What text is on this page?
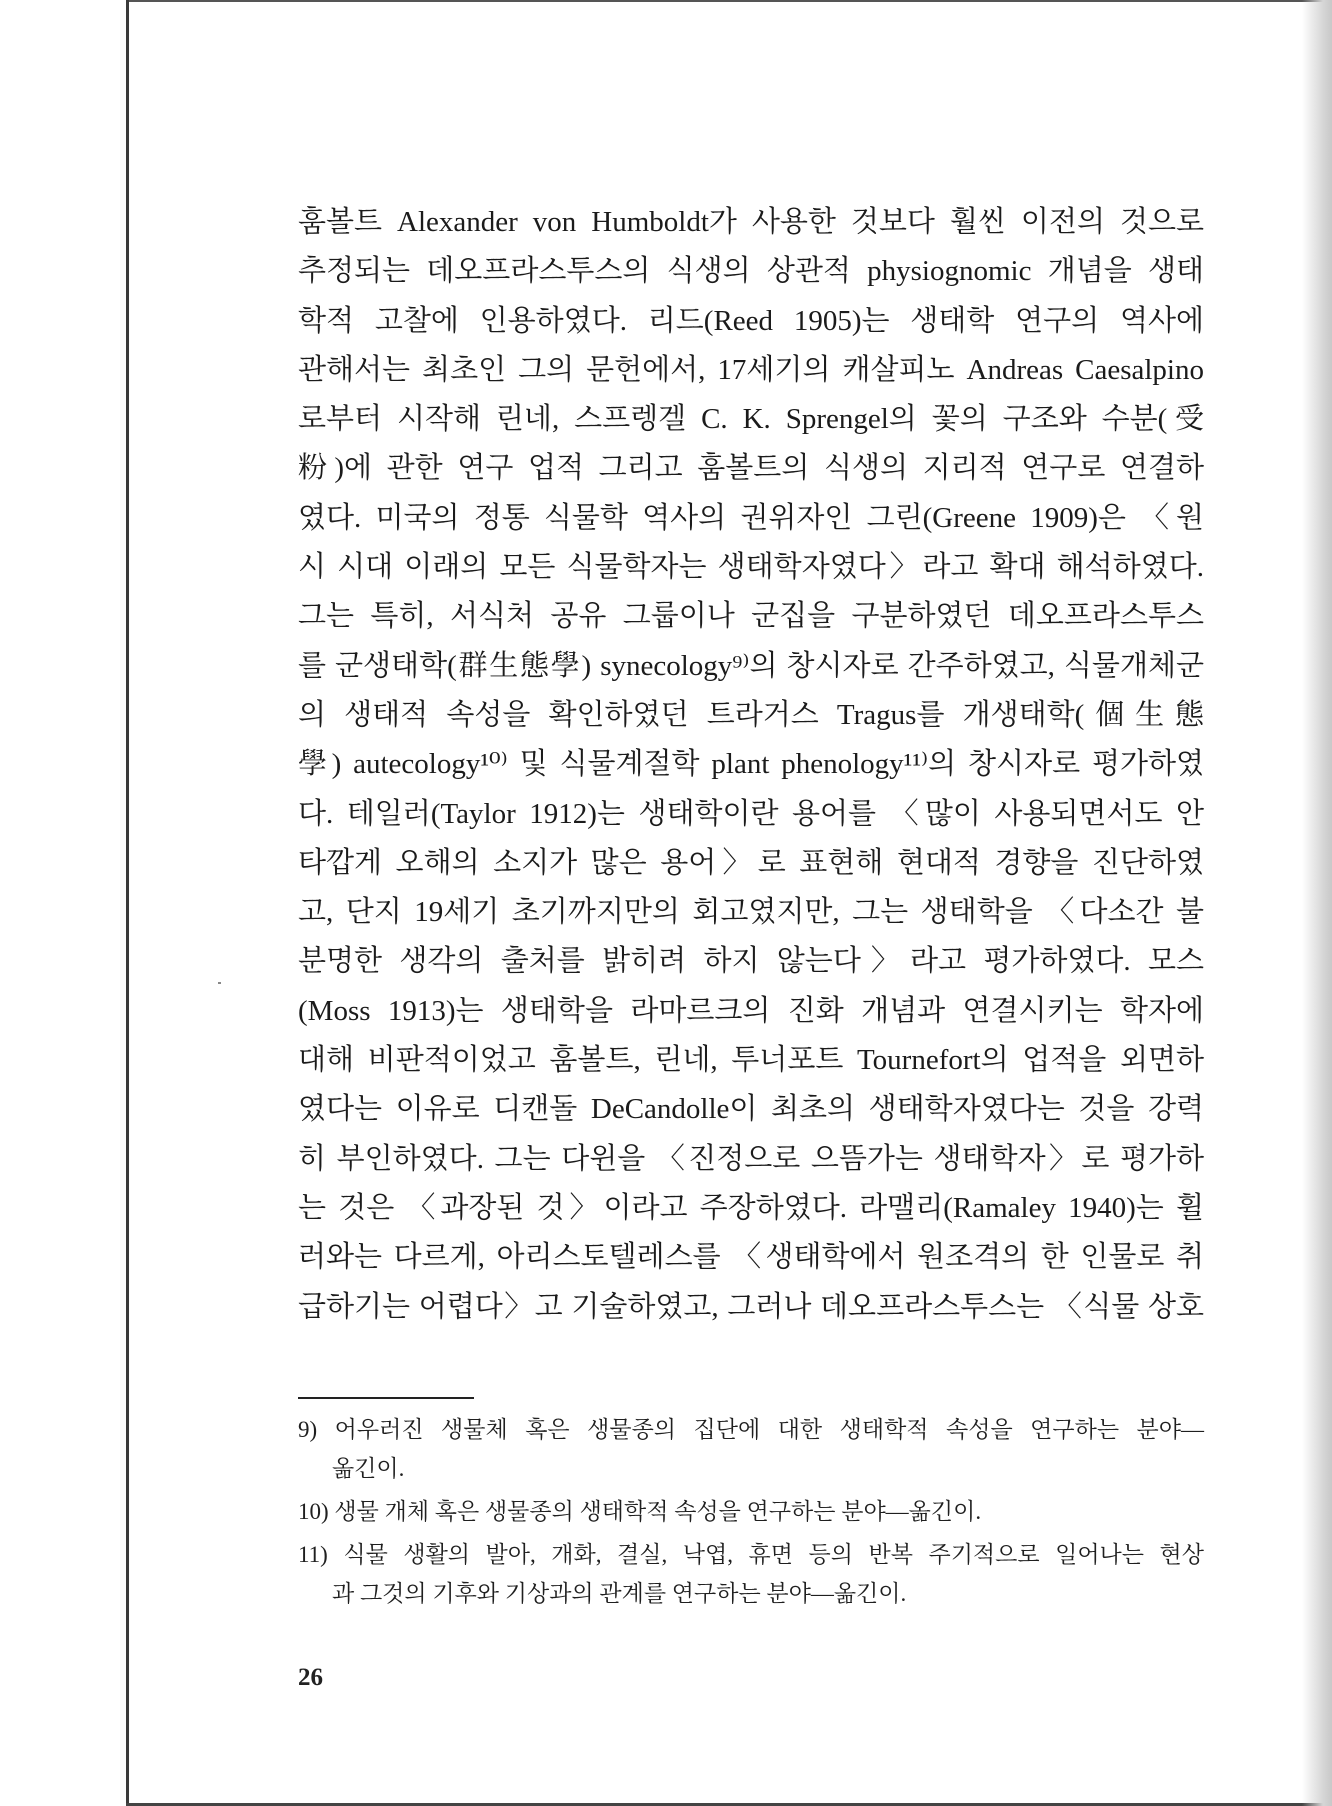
훔볼트 Alexander von Humboldt가 사용한 것보다 훨씬 이전의 것으로
추정되는 데오프라스투스의 식생의 상관적 physiognomic 개념을 생태
학적 고찰에 인용하였다. 리드(Reed 1905)는 생태학 연구의 역사에
관해서는 최초인 그의 문헌에서, 17세기의 캐살피노 Andreas Caesalpino
로부터 시작해 린네, 스프렝겔 C. K. Sprengel의 꽃의 구조와 수분(受
粉)에 관한 연구 업적 그리고 훔볼트의 식생의 지리적 연구로 연결하
였다. 미국의 정통 식물학 역사의 권위자인 그린(Greene 1909)은 〈원
시 시대 이래의 모든 식물학자는 생태학자였다〉라고 확대 해석하였다.
그는 특히, 서식처 공유 그룹이나 군집을 구분하였던 데오프라스투스
를 군생태학(群生態學) synecology⁹⁾의 창시자로 간주하였고, 식물개체군
의 생태적 속성을 확인하였던 트라거스 Tragus를 개생태학(個生態
學) autecology¹⁰⁾ 및 식물계절학 plant phenology¹¹⁾의 창시자로 평가하였
다. 테일러(Taylor 1912)는 생태학이란 용어를 〈많이 사용되면서도 안
타깝게 오해의 소지가 많은 용어〉로 표현해 현대적 경향을 진단하였
고, 단지 19세기 초기까지만의 회고였지만, 그는 생태학을 〈다소간 불
분명한 생각의 출처를 밝히려 하지 않는다〉라고 평가하였다. 모스
(Moss 1913)는 생태학을 라마르크의 진화 개념과 연결시키는 학자에
대해 비판적이었고 훔볼트, 린네, 투너포트 Tournefort의 업적을 외면하
였다는 이유로 디캔돌 DeCandolle이 최초의 생태학자였다는 것을 강력
히 부인하였다. 그는 다윈을 〈진정으로 으뜸가는 생태학자〉로 평가하
는 것은 〈과장된 것〉이라고 주장하였다. 라맬리(Ramaley 1940)는 휠
러와는 다르게, 아리스토텔레스를 〈생태학에서 원조격의 한 인물로 취
급하기는 어렵다〉고 기술하였고, 그러나 데오프라스투스는 〈식물 상호
9) 어우러진 생물체 혹은 생물종의 집단에 대한 생태학적 속성을 연구하는 분야—
옮긴이.
10) 생물 개체 혹은 생물종의 생태학적 속성을 연구하는 분야—옮긴이.
11) 식물 생활의 발아, 개화, 결실, 낙엽, 휴면 등의 반복 주기적으로 일어나는 현상
과 그것의 기후와 기상과의 관계를 연구하는 분야—옮긴이.
26
